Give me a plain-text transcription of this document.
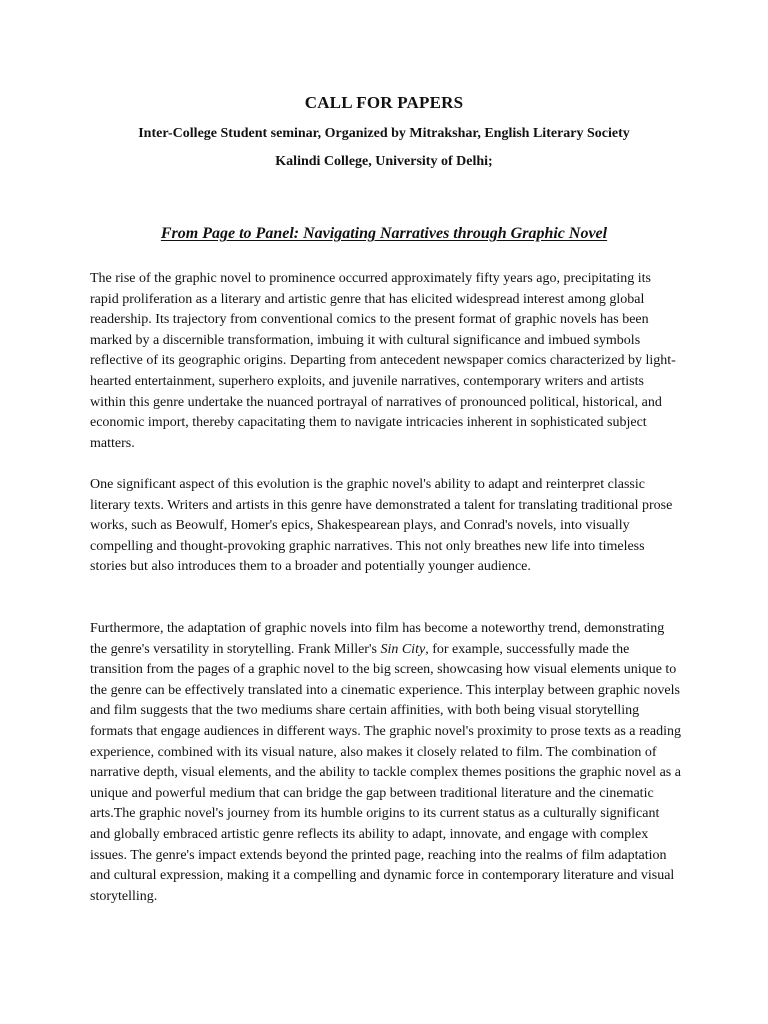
CALL FOR PAPERS
Inter-College Student seminar, Organized by Mitrakshar, English Literary Society
Kalindi College, University of Delhi;
From Page to Panel: Navigating Narratives through Graphic Novel

The rise of the graphic novel to prominence occurred approximately fifty years ago, precipitating its rapid proliferation as a literary and artistic genre that has elicited widespread interest among global readership. Its trajectory from conventional comics to the present format of graphic novels has been marked by a discernible transformation, imbuing it with cultural significance and imbued symbols reflective of its geographic origins. Departing from antecedent newspaper comics characterized by light-hearted entertainment, superhero exploits, and juvenile narratives, contemporary writers and artists within this genre undertake the nuanced portrayal of narratives of pronounced political, historical, and economic import, thereby capacitating them to navigate intricacies inherent in sophisticated subject matters.

One significant aspect of this evolution is the graphic novel's ability to adapt and reinterpret classic literary texts. Writers and artists in this genre have demonstrated a talent for translating traditional prose works, such as Beowulf, Homer's epics, Shakespearean plays, and Conrad's novels, into visually compelling and thought-provoking graphic narratives. This not only breathes new life into timeless stories but also introduces them to a broader and potentially younger audience.

Furthermore, the adaptation of graphic novels into film has become a noteworthy trend, demonstrating the genre's versatility in storytelling. Frank Miller's Sin City, for example, successfully made the transition from the pages of a graphic novel to the big screen, showcasing how visual elements unique to the genre can be effectively translated into a cinematic experience. This interplay between graphic novels and film suggests that the two mediums share certain affinities, with both being visual storytelling formats that engage audiences in different ways. The graphic novel's proximity to prose texts as a reading experience, combined with its visual nature, also makes it closely related to film. The combination of narrative depth, visual elements, and the ability to tackle complex themes positions the graphic novel as a unique and powerful medium that can bridge the gap between traditional literature and the cinematic arts.The graphic novel's journey from its humble origins to its current status as a culturally significant and globally embraced artistic genre reflects its ability to adapt, innovate, and engage with complex issues. The genre's impact extends beyond the printed page, reaching into the realms of film adaptation and cultural expression, making it a compelling and dynamic force in contemporary literature and visual storytelling.
